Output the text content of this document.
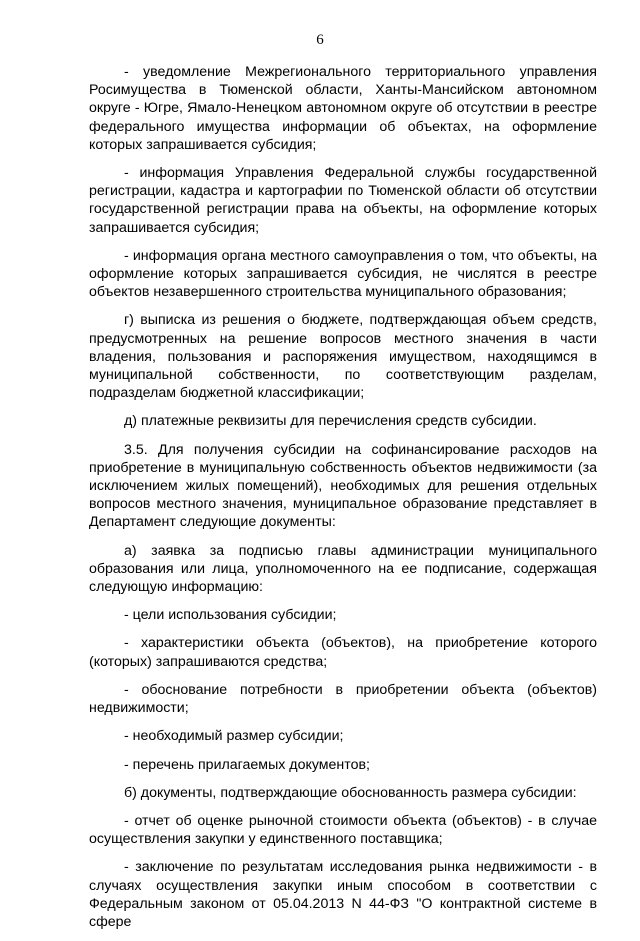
6

- уведомление Межрегионального территориального управления Росимущества в Тюменской области, Ханты-Мансийском автономном округе - Югре, Ямало-Ненецком автономном округе об отсутствии в реестре федерального имущества информации об объектах, на оформление которых запрашивается субсидия;

- информация Управления Федеральной службы государственной регистрации, кадастра и картографии по Тюменской области об отсутствии государственной регистрации права на объекты, на оформление которых запрашивается субсидия;

- информация органа местного самоуправления о том, что объекты, на оформление которых запрашивается субсидия, не числятся в реестре объектов незавершенного строительства муниципального образования;

г) выписка из решения о бюджете, подтверждающая объем средств, предусмотренных на решение вопросов местного значения в части владения, пользования и распоряжения имуществом, находящимся в муниципальной собственности, по соответствующим разделам, подразделам бюджетной классификации;

д) платежные реквизиты для перечисления средств субсидии.

3.5. Для получения субсидии на софинансирование расходов на приобретение в муниципальную собственность объектов недвижимости (за исключением жилых помещений), необходимых для решения отдельных вопросов местного значения, муниципальное образование представляет в Департамент следующие документы:

а) заявка за подписью главы администрации муниципального образования или лица, уполномоченного на ее подписание, содержащая следующую информацию:

- цели использования субсидии;

- характеристики объекта (объектов), на приобретение которого (которых) запрашиваются средства;

- обоснование потребности в приобретении объекта (объектов) недвижимости;

- необходимый размер субсидии;

- перечень прилагаемых документов;

б) документы, подтверждающие обоснованность размера субсидии:

- отчет об оценке рыночной стоимости объекта (объектов) - в случае осуществления закупки у единственного поставщика;

- заключение по результатам исследования рынка недвижимости - в случаях осуществления закупки иным способом в соответствии с Федеральным законом от 05.04.2013 N 44-ФЗ "О контрактной системе в сфере
